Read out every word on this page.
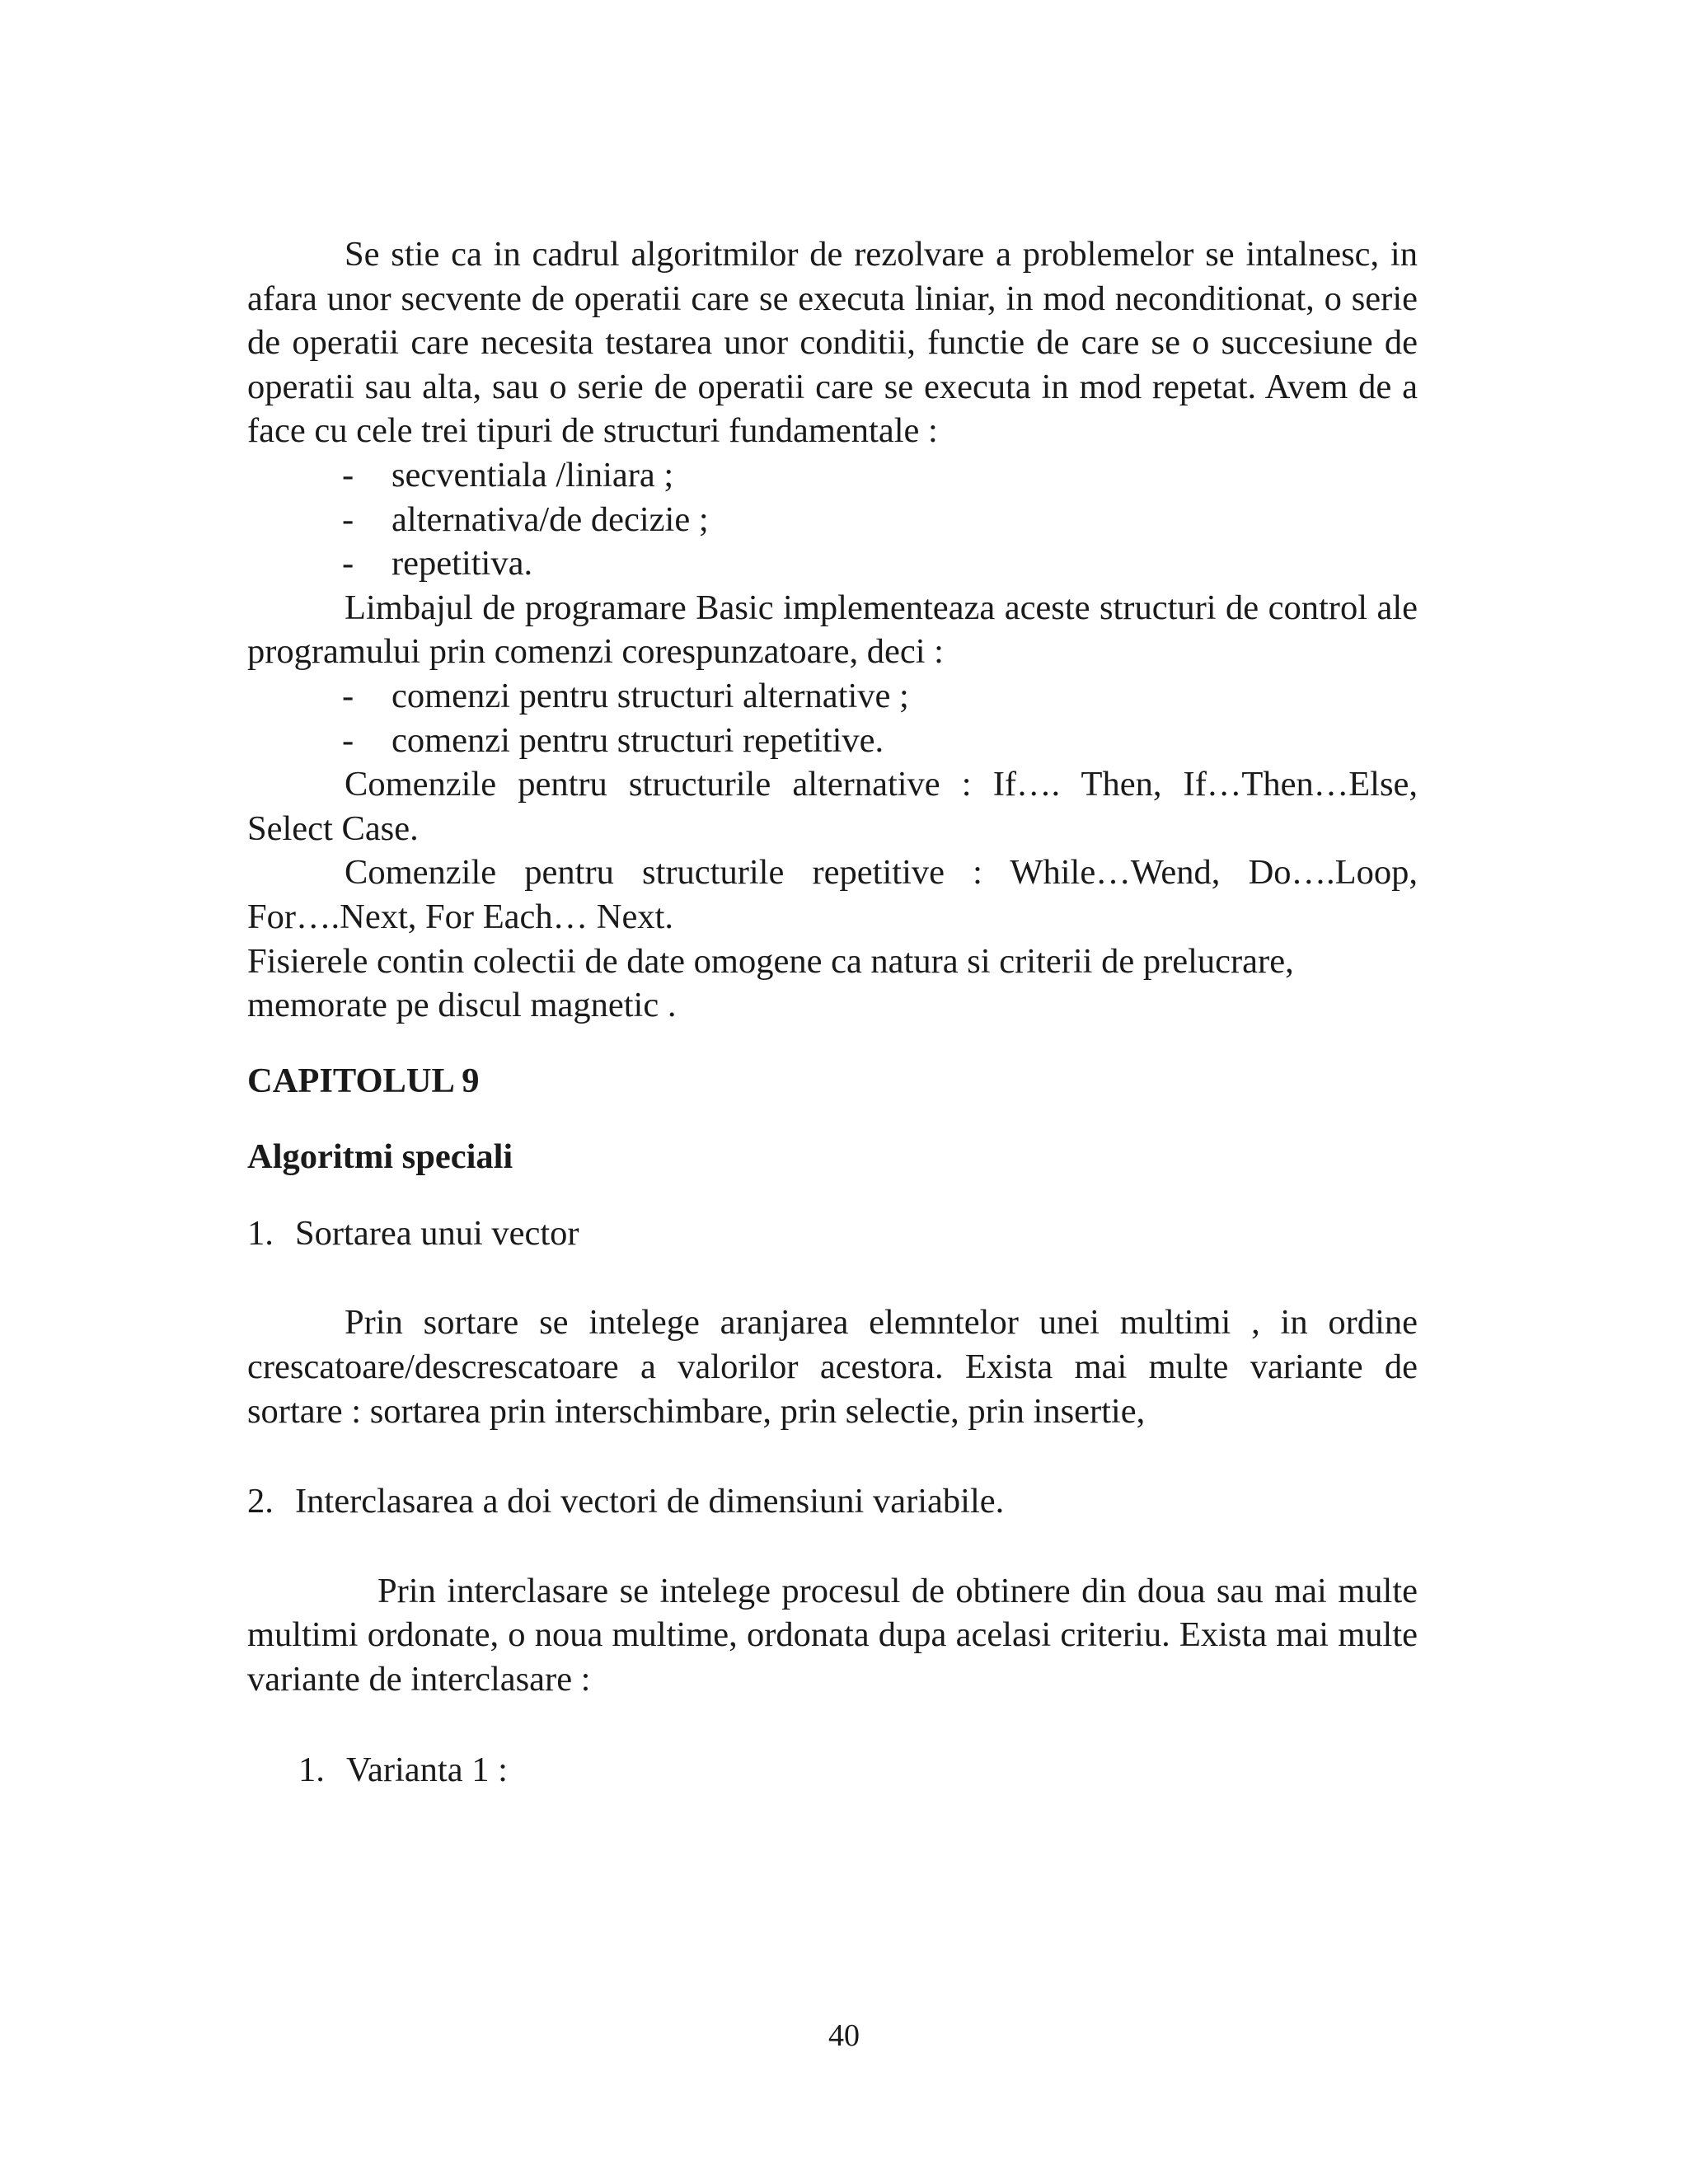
Se stie ca in cadrul algoritmilor de rezolvare a problemelor se intalnesc, in afara unor secvente de operatii care se executa liniar, in mod neconditionat, o serie de operatii care necesita testarea unor conditii, functie de care se o succesiune de operatii sau alta, sau o serie de operatii care se executa in mod repetat. Avem de a face cu cele trei tipuri de structuri fundamentale :

- secventiala /liniara ;

- alternativa/de decizie ;

- repetitiva.

Limbajul de programare Basic implementeaza aceste structuri de control ale programului prin comenzi corespunzatoare, deci :

- comenzi pentru structuri alternative ;

- comenzi pentru structuri repetitive.

Comenzile pentru structurile alternative : If…. Then, If…Then…Else, Select Case.

Comenzile pentru structurile repetitive : While…Wend, Do….Loop, For….Next, For Each… Next.

Fisierele contin colectii de date omogene ca natura si criterii de prelucrare, memorate pe discul magnetic .

CAPITOLUL 9

Algoritmi speciali

1. Sortarea unui vector

Prin sortare se intelege aranjarea elemntelor unei multimi , in ordine crescatoare/descrescatoare a valorilor acestora. Exista mai multe variante de sortare : sortarea prin interschimbare, prin selectie, prin insertie,

2. Interclasarea a doi vectori de dimensiuni variabile.

Prin interclasare se intelege procesul de obtinere din doua sau mai multe multimi ordonate, o noua multime, ordonata dupa acelasi criteriu. Exista mai multe variante de interclasare :

1. Varianta 1 :

40
